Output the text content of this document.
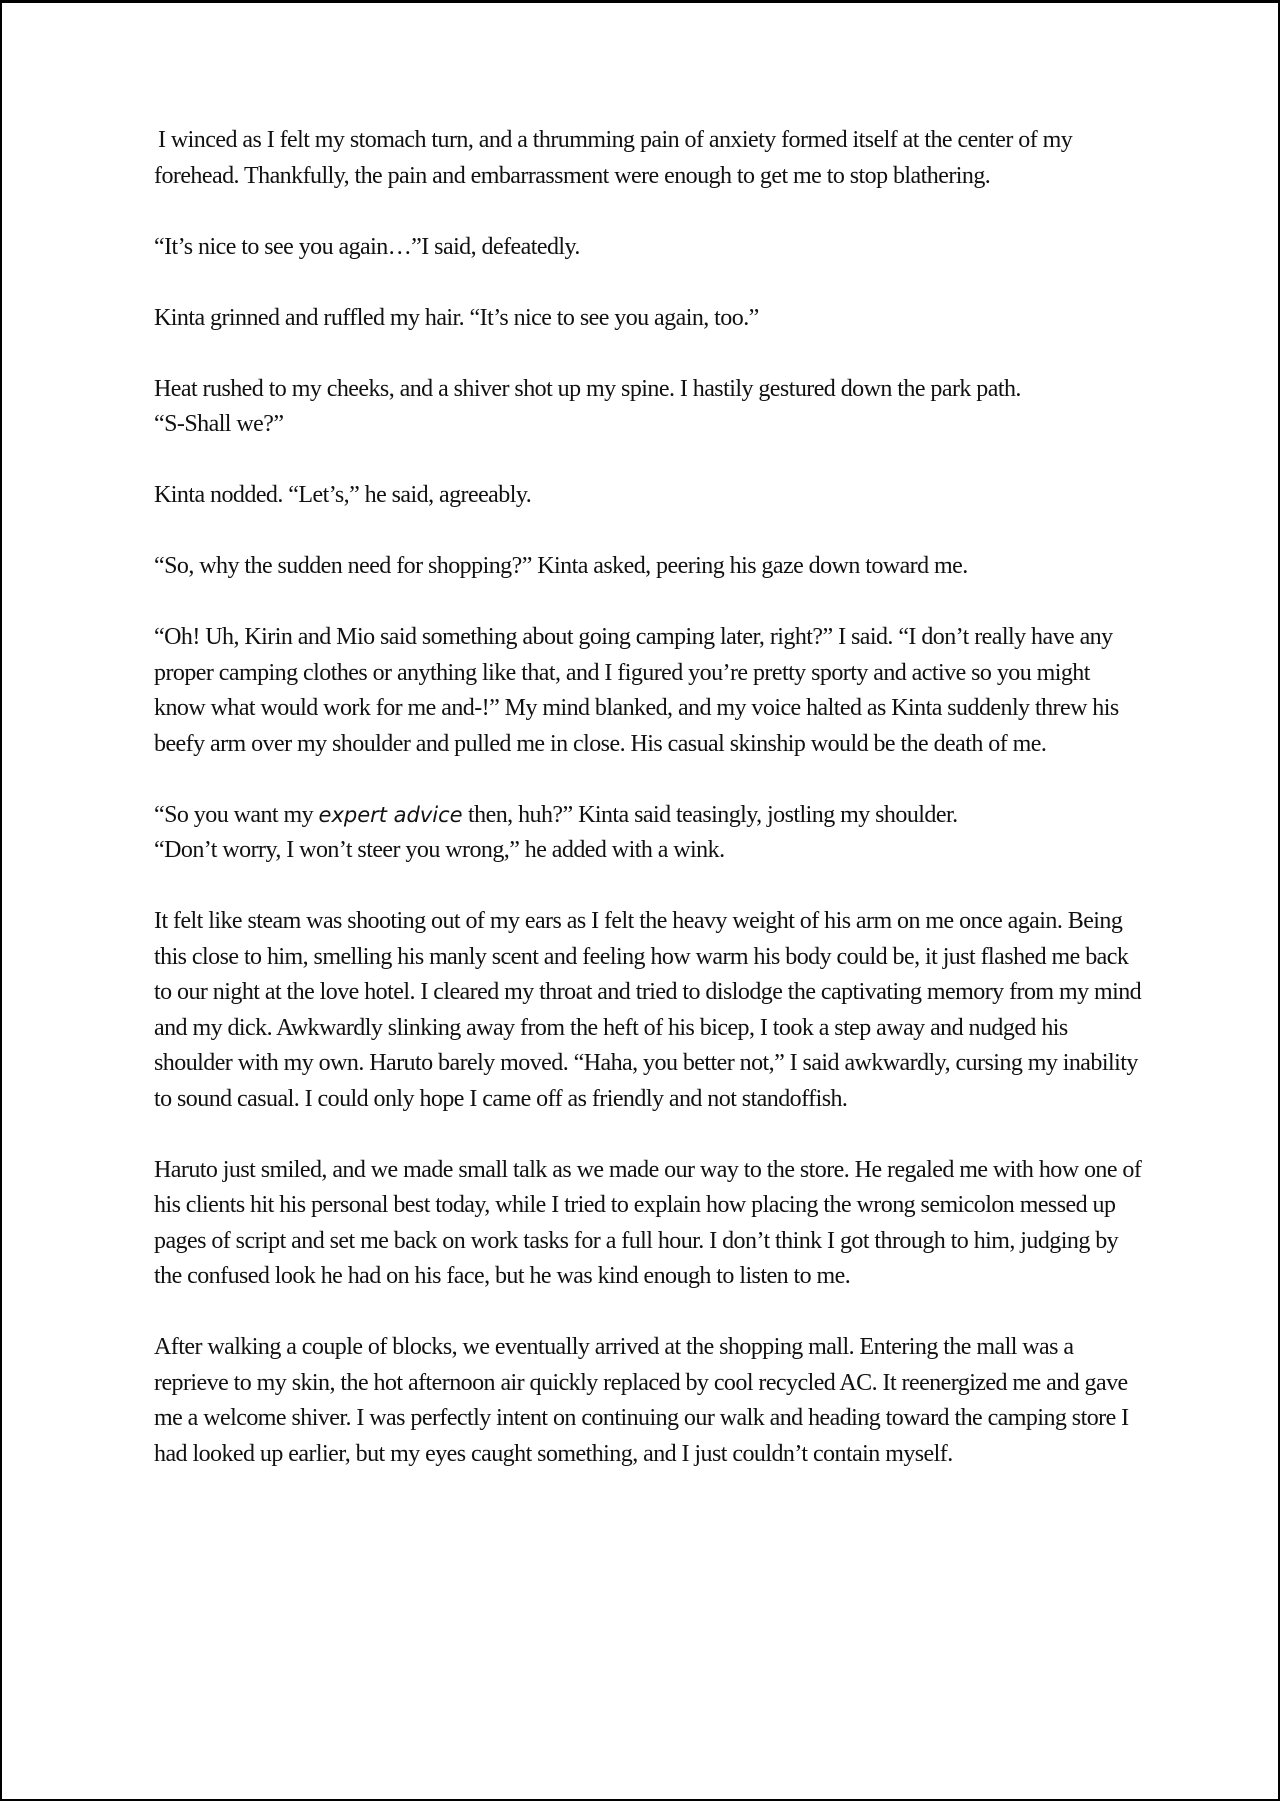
I winced as I felt my stomach turn, and a thrumming pain of anxiety formed itself at the center of my forehead. Thankfully, the pain and embarrassment were enough to get me to stop blathering.

“It’s nice to see you again…”I said, defeatedly.

Kinta grinned and ruffled my hair. “It’s nice to see you again, too.”

Heat rushed to my cheeks, and a shiver shot up my spine. I hastily gestured down the park path.
“S-Shall we?”

Kinta nodded. “Let’s,” he said, agreeably.

“So, why the sudden need for shopping?” Kinta asked, peering his gaze down toward me.

“Oh! Uh, Kirin and Mio said something about going camping later, right?” I said. “I don’t really have any proper camping clothes or anything like that, and I figured you’re pretty sporty and active so you might know what would work for me and-!” My mind blanked, and my voice halted as Kinta suddenly threw his beefy arm over my shoulder and pulled me in close. His casual skinship would be the death of me.

“So you want my expert advice then, huh?” Kinta said teasingly, jostling my shoulder.
“Don’t worry, I won’t steer you wrong,” he added with a wink.

It felt like steam was shooting out of my ears as I felt the heavy weight of his arm on me once again. Being this close to him, smelling his manly scent and feeling how warm his body could be, it just flashed me back to our night at the love hotel. I cleared my throat and tried to dislodge the captivating memory from my mind and my dick. Awkwardly slinking away from the heft of his bicep, I took a step away and nudged his shoulder with my own. Haruto barely moved. “Haha, you better not,” I said awkwardly, cursing my inability to sound casual. I could only hope I came off as friendly and not standoffish.

Haruto just smiled, and we made small talk as we made our way to the store. He regaled me with how one of his clients hit his personal best today, while I tried to explain how placing the wrong semicolon messed up pages of script and set me back on work tasks for a full hour. I don’t think I got through to him, judging by the confused look he had on his face, but he was kind enough to listen to me.

After walking a couple of blocks, we eventually arrived at the shopping mall. Entering the mall was a reprieve to my skin, the hot afternoon air quickly replaced by cool recycled AC. It reenergized me and gave me a welcome shiver. I was perfectly intent on continuing our walk and heading toward the camping store I had looked up earlier, but my eyes caught something, and I just couldn’t contain myself.
